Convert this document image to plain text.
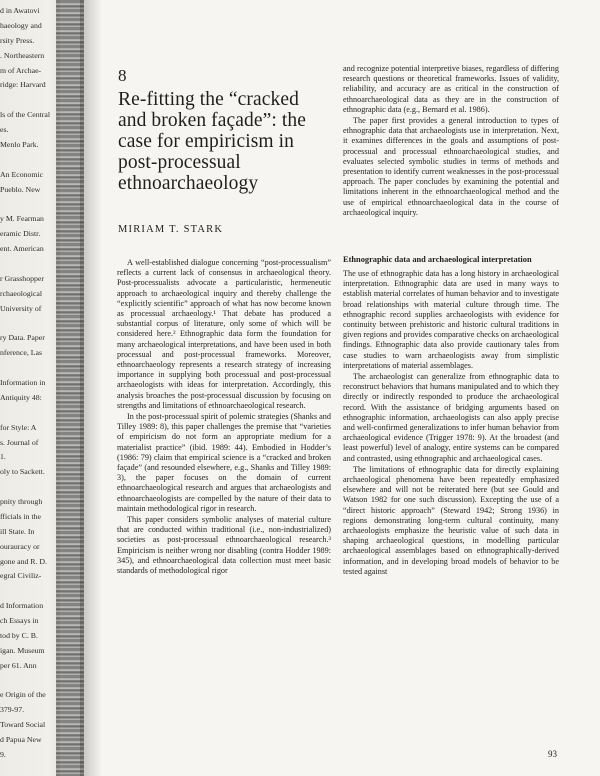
d in Awatovi
haeology and
rsity Press.
. Northeastern
m of Archae-
ridge: Harvard
ls of the Central
es.
Menlo Park.
An Economic
Pueblo. New
y M. Fearman
eramic Distr.
ent. American
r Grasshopper
rchaeological
University of
ry Data. Paper
nference, Las
Information in
Antiquity 48:
for Style: A
s. Journal of
1.
oly to Sackett.
pnity through
fficials in the
ill State. In
ourauracy or
gone and R. D.
egral Civiliz-
d Information
ch Essays in
tod by C. B.
igan. Museum
per 61. Ann
e Origin of the
379-97.
Toward Social
d Papua New
9.
8
Re-fitting the “cracked and broken façade”: the case for empiricism in post-processual ethnoarchaeology
MIRIAM T. STARK

A well-established dialogue concerning “post-processualism” reflects a current lack of consensus in archaeological theory. Post-processualists advocate a particularistic, hermeneutic approach to archaeological inquiry and thereby challenge the “explicitly scientific” approach of what has now become known as processual archaeology.¹ That debate has produced a substantial corpus of literature, only some of which will be considered here.² Ethnographic data form the foundation for many archaeological interpretations, and have been used in both processual and post-processual frameworks. Moreover, ethnoarchaeology represents a research strategy of increasing importance in supplying both processual and post-processual archaeologists with ideas for interpretation. Accordingly, this analysis broaches the post-processual discussion by focusing on strengths and limitations of ethnoarchaeological research.

In the post-processual spirit of polemic strategies (Shanks and Tilley 1989: 8), this paper challenges the premise that “varieties of empiricism do not form an appropriate medium for a materialist practice” (ibid. 1989: 44). Embodied in Hodder’s (1986: 79) claim that empirical science is a “cracked and broken façade” (and resounded elsewhere, e.g., Shanks and Tilley 1989: 3), the paper focuses on the domain of current ethnoarchaeological research and argues that archaeologists and ethnoarchaeologists are compelled by the nature of their data to maintain methodological rigor in research.

This paper considers symbolic analyses of material culture that are conducted within traditional (i.e., non-industrialized) societies as post-processual ethnoarchaeological research.³ Empiricism is neither wrong nor disabling (contra Hodder 1989: 345), and ethnoarchaeological data collection must meet basic standards of methodological rigor

and recognize potential interpretive biases, regardless of differing research questions or theoretical frameworks. Issues of validity, reliability, and accuracy are as critical in the construction of ethnoarchaeological data as they are in the construction of ethnographic data (e.g., Bernard et al. 1986).

The paper first provides a general introduction to types of ethnographic data that archaeologists use in interpretation. Next, it examines differences in the goals and assumptions of post-processual and processual ethnoarchaeological studies, and evaluates selected symbolic studies in terms of methods and presentation to identify current weaknesses in the post-processual approach. The paper concludes by examining the potential and limitations inherent in the ethnoarchaeological method and the use of empirical ethnoarchaeological data in the course of archaeological inquiry.

Ethnographic data and archaeological interpretation

The use of ethnographic data has a long history in archaeological interpretation. Ethnographic data are used in many ways to establish material correlates of human behavior and to investigate broad relationships with material culture through time. The ethnographic record supplies archaeologists with evidence for continuity between prehistoric and historic cultural traditions in given regions and provides comparative checks on archaeological findings. Ethnographic data also provide cautionary tales from case studies to warn archaeologists away from simplistic interpretations of material assemblages.

The archaeologist can generalize from ethnographic data to reconstruct behaviors that humans manipulated and to which they directly or indirectly responded to produce the archaeological record. With the assistance of bridging arguments based on ethnographic information, archaeologists can also apply precise and well-confirmed generalizations to infer human behavior from archaeological evidence (Trigger 1978: 9). At the broadest (and least powerful) level of analogy, entire systems can be compared and contrasted, using ethnographic and archaeological cases.

The limitations of ethnographic data for directly explaining archaeological phenomena have been repeatedly emphasized elsewhere and will not be reiterated here (but see Gould and Watson 1982 for one such discussion). Excepting the use of a “direct historic approach” (Steward 1942; Strong 1936) in regions demonstrating long-term cultural continuity, many archaeologists emphasize the heuristic value of such data in shaping archaeological questions, in modelling particular archaeological assemblages based on ethnographically-derived information, and in developing broad models of behavior to be tested against

93
